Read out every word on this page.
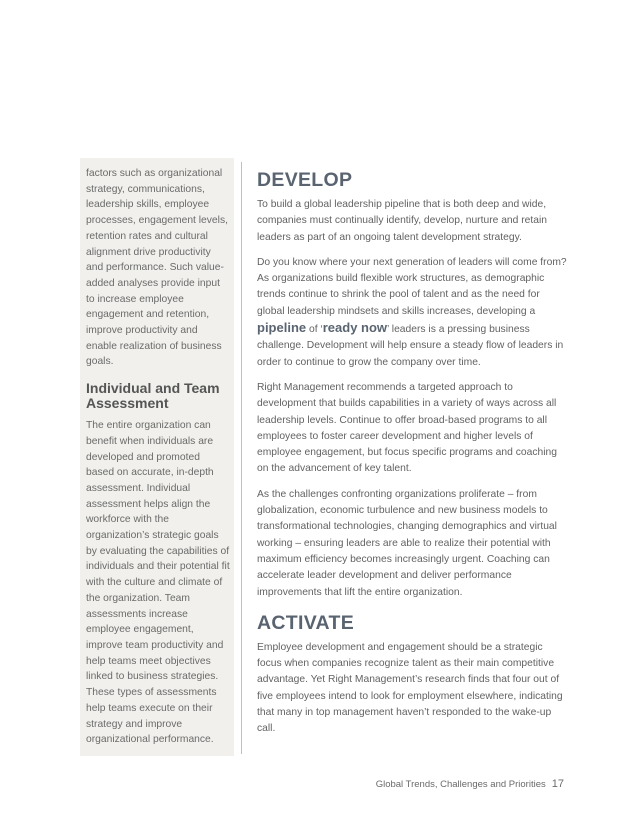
factors such as organizational strategy, communications, leadership skills, employee processes, engagement levels, retention rates and cultural alignment drive productivity and performance. Such value-added analyses provide input to increase employee engagement and retention, improve productivity and enable realization of business goals.

Individual and Team Assessment

The entire organization can benefit when individuals are developed and promoted based on accurate, in-depth assessment. Individual assessment helps align the workforce with the organization’s strategic goals by evaluating the capabilities of individuals and their potential fit with the culture and climate of the organization. Team assessments increase employee engagement, improve team productivity and help teams meet objectives linked to business strategies. These types of assessments help teams execute on their strategy and improve organizational performance.

DEVELOP

To build a global leadership pipeline that is both deep and wide, companies must continually identify, develop, nurture and retain leaders as part of an ongoing talent development strategy.

Do you know where your next generation of leaders will come from? As organizations build flexible work structures, as demographic trends continue to shrink the pool of talent and as the need for global leadership mindsets and skills increases, developing a pipeline of ‘ready now’ leaders is a pressing business challenge. Development will help ensure a steady flow of leaders in order to continue to grow the company over time.

Right Management recommends a targeted approach to development that builds capabilities in a variety of ways across all leadership levels. Continue to offer broad-based programs to all employees to foster career development and higher levels of employee engagement, but focus specific programs and coaching on the advancement of key talent.

As the challenges confronting organizations proliferate – from globalization, economic turbulence and new business models to transformational technologies, changing demographics and virtual working – ensuring leaders are able to realize their potential with maximum efficiency becomes increasingly urgent. Coaching can accelerate leader development and deliver performance improvements that lift the entire organization.

ACTIVATE

Employee development and engagement should be a strategic focus when companies recognize talent as their main competitive advantage. Yet Right Management’s research finds that four out of five employees intend to look for employment elsewhere, indicating that many in top management haven’t responded to the wake-up call.

Global Trends, Challenges and Priorities 17
